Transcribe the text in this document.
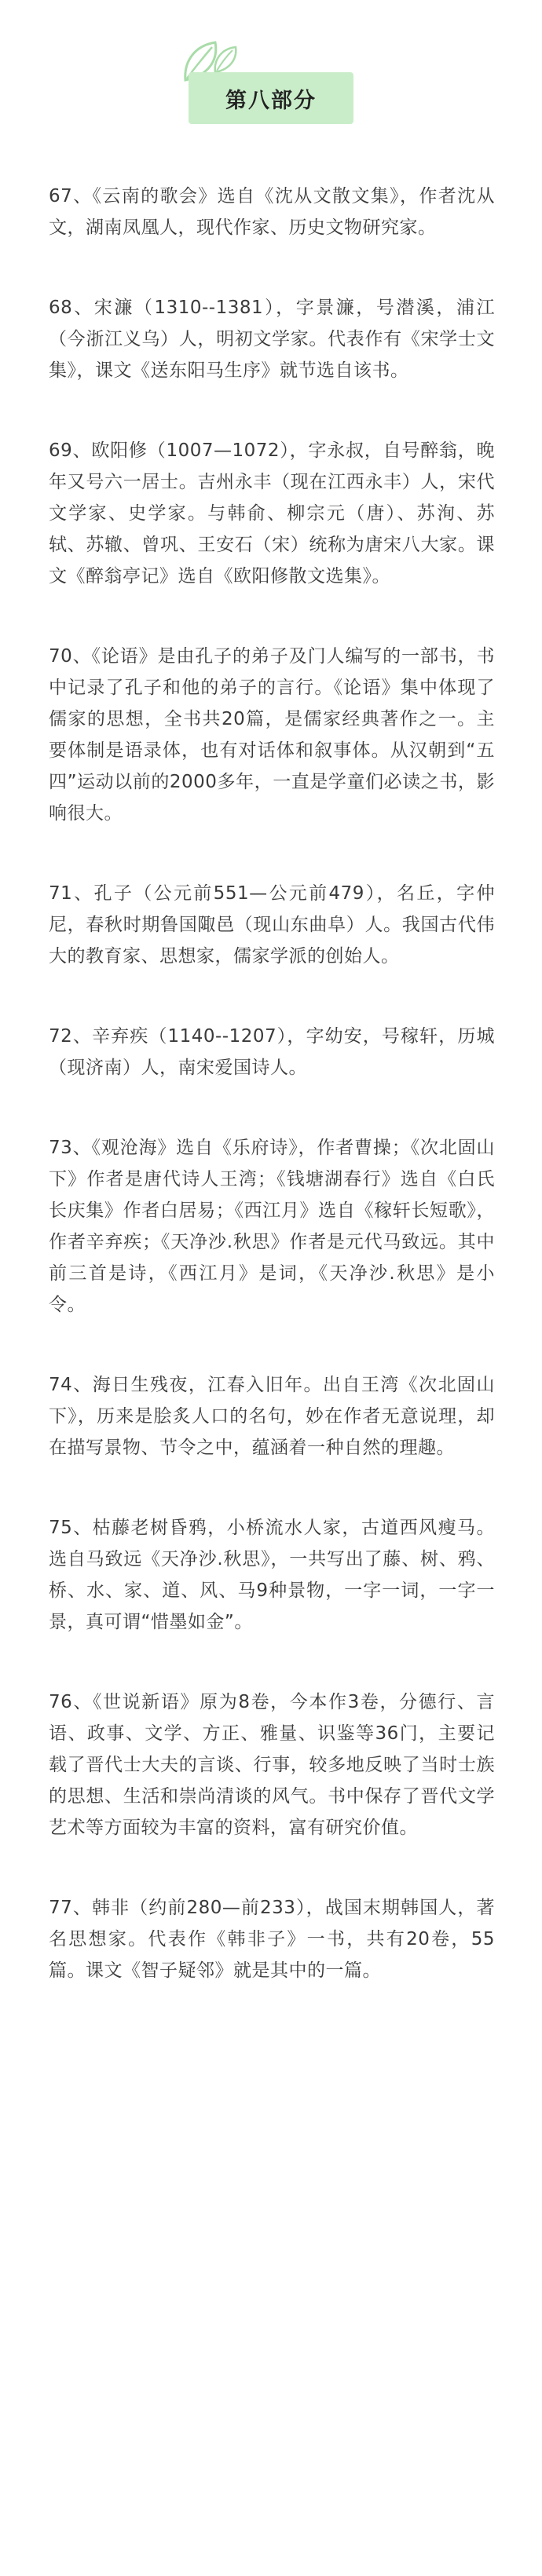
第八部分

67、《云南的歌会》选自《沈从文散文集》，作者沈从文，湖南凤凰人，现代作家、历史文物研究家。

68、宋濂（1310--1381），字景濂，号潜溪，浦江（今浙江义乌）人，明初文学家。代表作有《宋学士文集》，课文《送东阳马生序》就节选自该书。

69、欧阳修（1007—1072），字永叔，自号醉翁，晚年又号六一居士。吉州永丰（现在江西永丰）人，宋代文学家、史学家。与韩俞、柳宗元（唐）、苏洵、苏轼、苏辙、曾巩、王安石（宋）统称为唐宋八大家。课文《醉翁亭记》选自《欧阳修散文选集》。

70、《论语》是由孔子的弟子及门人编写的一部书，书中记录了孔子和他的弟子的言行。《论语》集中体现了儒家的思想，全书共20篇，是儒家经典著作之一。主要体制是语录体，也有对话体和叙事体。从汉朝到“五四”运动以前的2000多年，一直是学童们必读之书，影响很大。

71、孔子（公元前551—公元前479），名丘，字仲尼，春秋时期鲁国陬邑（现山东曲阜）人。我国古代伟大的教育家、思想家，儒家学派的创始人。

72、辛弃疾（1140--1207），字幼安，号稼轩，历城（现济南）人，南宋爱国诗人。

73、《观沧海》选自《乐府诗》，作者曹操；《次北固山下》作者是唐代诗人王湾；《钱塘湖春行》选自《白氏长庆集》作者白居易；《西江月》选自《稼轩长短歌》，作者辛弃疾；《天净沙.秋思》作者是元代马致远。其中前三首是诗，《西江月》是词，《天净沙.秋思》是小令。

74、海日生残夜，江春入旧年。出自王湾《次北固山下》，历来是脍炙人口的名句，妙在作者无意说理，却在描写景物、节令之中，蕴涵着一种自然的理趣。

75、枯藤老树昏鸦，小桥流水人家，古道西风瘦马。选自马致远《天净沙.秋思》，一共写出了藤、树、鸦、桥、水、家、道、风、马9种景物，一字一词，一字一景，真可谓“惜墨如金”。

76、《世说新语》原为8卷，今本作3卷，分德行、言语、政事、文学、方正、雅量、识鉴等36门，主要记载了晋代士大夫的言谈、行事，较多地反映了当时士族的思想、生活和崇尚清谈的风气。书中保存了晋代文学艺术等方面较为丰富的资料，富有研究价值。

77、韩非（约前280—前233），战国末期韩国人，著名思想家。代表作《韩非子》一书，共有20卷，55篇。课文《智子疑邻》就是其中的一篇。
